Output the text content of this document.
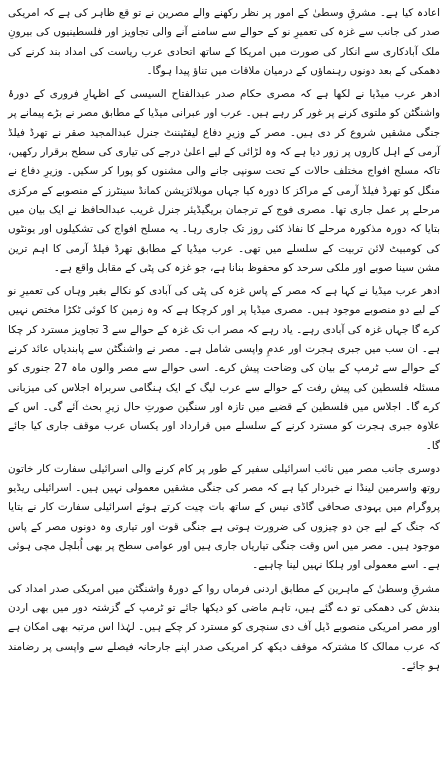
اعادہ کیا ہے۔ مشرقِ وسطیٰ کے امور پر نظر رکھنے والے مصرین نے تو قع ظاہر کی ہے کہ امریکی صدر کی جانب سے غزہ کی تعمیرِ نو کے حوالے سے سامنے آنے والی تجاویز اور فلسطینیوں کی بیرونِ ملک آبادکاری سے انکار کی صورت میں امریکا کے ساتھ اتحادی عرب ریاست کی امداد بند کرنے کی دھمکی کے بعد دونوں رہنماؤں کے درمیان ملاقات میں تناؤ پیدا ہوگا۔

ادھر عرب میڈیا نے لکھا ہے کہ مصری حکام صدر عبدالفتاح السیسی کے اظہارِ فروری کے دورۂ واشنگٹن کو ملتوی کرنے پر غور کر رہے ہیں۔ عرب اور عبرانی میڈیا کے مطابق مصر نے بڑے پیمانے پر جنگی مشقیں شروع کر دی ہیں۔ مصر کے وزیرِ دفاع لیفٹیننٹ جنرل عبدالمجید صقر نے تھرڈ فیلڈ آرمی کے اہل کاروں پر زور دیا ہے کہ وہ لڑائی کے لیے اعلیٰ درجے کی تیاری کی سطح برقرار رکھیں، تاکہ مسلح افواج مختلف حالات کے تحت سونپی جانے والی مشنوں کو پورا کر سکیں۔ وزیرِ دفاع نے منگل کو تھرڈ فیلڈ آرمی کے مراکز کا دورہ کیا جہاں موبلائزیشن کمانڈ سینٹرز کے منصوبے کے مرکزی مرحلے پر عمل جاری تھا۔ مصری فوج کے ترجمان بریگیڈیئر جنرل غریب عبدالحافظ نے ایک بیان میں بتایا کہ دورہ مذکورہ مرحلے کا نفاذ کئی روز تک جاری رہا۔ یہ مسلح افواج کی تشکیلوں اور یونٹوں کی کومبیٹ لائن تربیت کے سلسلے میں تھی۔ عرب میڈیا کے مطابق تھرڈ فیلڈ آرمی کا اہم ترین مشن سینا صوبے اور ملکی سرحد کو محفوظ بنانا ہے، جو غزہ کی پٹی کے مقابل واقع ہے۔

ادھر عرب میڈیا نے کہا ہے کہ مصر کے پاس غزہ کی پٹی کی آبادی کو نکالے بغیر وہاں کی تعمیرِ نو کے لیے دو منصوبے موجود ہیں۔ مصری میڈیا پر اور کرچکا ہے کہ وہ زمین کا کوئی ٹکڑا مختص نہیں کرے گا جہاں غزہ کی آبادی رہے۔ یاد رہے کہ مصر اب تک غزہ کے حوالے سے 3 تجاویز مسترد کر چکا ہے۔ ان سب میں جبری ہجرت اور عدمِ واپسی شامل ہے۔ مصر نے واشنگٹن سے پابندیاں عائد کرنے کے حوالے سے ٹرمپ کے بیان کی وضاحت پیش کرے۔ اسی حوالے سے مصر والوں ماہ 27 جنوری کو مسئلہ فلسطین کی پیش رفت کے حوالے سے عرب لیگ کے ایک ہنگامی سربراہ اجلاس کی میزبانی کرے گا۔ اجلاس میں فلسطین کے قضیے میں تازہ اور سنگین صورتِ حال زیرِ بحث آئے گی۔ اس کے علاوہ جبری ہجرت کو مسترد کرنے کے سلسلے میں قرارداد اور یکساں عرب موقف جاری کیا جائے گا۔

دوسری جانب مصر میں نائب اسرائیلی سفیر کے طور پر کام کرنے والی اسرائیلی سفارت کار خاتون روتھ واسرمین لینڈا نے خبردار کیا ہے کہ مصر کی جنگی مشقیں معمولی نہیں ہیں۔ اسرائیلی ریڈیو پروگرام میں یہودی صحافی گاڈی نیس کے ساتھ بات چیت کرتے ہوئے اسرائیلی سفارت کار نے بتایا کہ جنگ کے لیے جن دو چیزوں کی ضرورت ہوتی ہے جنگی قوت اور تیاری وہ دونوں مصر کے پاس موجود ہیں۔ مصر میں اس وقت جنگی تیاریاں جاری ہیں اور عوامی سطح پر بھی اُبلچل مچی ہوئی ہے۔ اسے معمولی اور ہلکا نہیں لینا چاہیے۔

مشرقِ وسطیٰ کے ماہرین کے مطابق اردنی فرماں روا کے دورۂ واشنگٹن میں امریکی صدر امداد کی بندش کی دھمکی تو دے گئے ہیں، تاہم ماضی کو دیکھا جائے تو ٹرمپ کے گزشتہ دور میں بھی اردن اور مصر امریکی منصوبے ڈیل آف دی سنچری کو مسترد کر چکے ہیں۔ لہٰذا اس مرتبہ بھی امکان ہے کہ عرب ممالک کا مشترکہ موقف دیکھ کر امریکی صدر اپنے جارحانہ فیصلے سے واپسی پر رضامند ہو جائے۔
